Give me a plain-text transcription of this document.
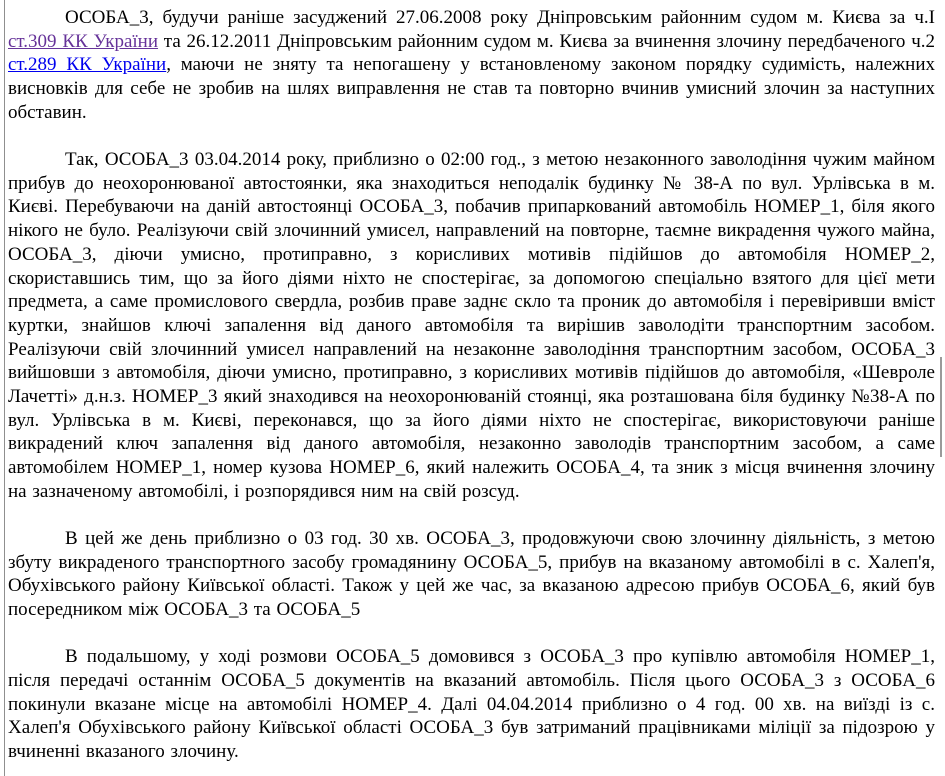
ОСОБА_3, будучи раніше засуджений 27.06.2008 року Дніпровським районним судом м. Києва за ч.І ст.309 КК України та 26.12.2011 Дніпровським районним судом м. Києва за вчинення злочину передбаченого ч.2 ст.289 КК України, маючи не зняту та непогашену у встановленому законом порядку судимість, належних висновків для себе не зробив на шлях виправлення не став та повторно вчинив умисний злочин за наступних обставин.

Так, ОСОБА_3 03.04.2014 року, приблизно о 02:00 год., з метою незаконного заволодіння чужим майном прибув до неохоронюваної автостоянки, яка знаходиться неподалік будинку № 38-А по вул. Урлівська в м. Києві. Перебуваючи на даній автостоянці ОСОБА_3, побачив припаркований автомобіль НОМЕР_1, біля якого нікого не було. Реалізуючи свій злочинний умисел, направлений на повторне, таємне викрадення чужого майна, ОСОБА_3, діючи умисно, протиправно, з корисливих мотивів підійшов до автомобіля НОМЕР_2, скориставшись тим, що за його діями ніхто не спостерігає, за допомогою спеціально взятого для цієї мети предмета, а саме промислового свердла, розбив праве заднє скло та проник до автомобіля і перевіривши вміст куртки, знайшов ключі запалення від даного автомобіля та вирішив заволодіти транспортним засобом. Реалізуючи свій злочинний умисел направлений на незаконне заволодіння транспортним засобом, ОСОБА_3 вийшовши з автомобіля, діючи умисно, протиправно, з корисливих мотивів підійшов до автомобіля, «Шевроле Лачетті» д.н.з. НОМЕР_3 який знаходився на неохоронюваній стоянці, яка розташована біля будинку №38-А по вул. Урлівська в м. Києві, переконався, що за його діями ніхто не спостерігає, використовуючи раніше викрадений ключ запалення від даного автомобіля, незаконно заволодів транспортним засобом, а саме автомобілем НОМЕР_1, номер кузова НОМЕР_6, який належить ОСОБА_4, та зник з місця вчинення злочину на зазначеному автомобілі, і розпорядився ним на свій розсуд.

В цей же день приблизно о 03 год. 30 хв. ОСОБА_3, продовжуючи свою злочинну діяльність, з метою збуту викраденого транспортного засобу громадянину ОСОБА_5, прибув на вказаному автомобілі в с. Халеп'я, Обухівського району Київської області. Також у цей же час, за вказаною адресою прибув ОСОБА_6, який був посередником між ОСОБА_3 та ОСОБА_5

В подальшому, у ході розмови ОСОБА_5 домовився з ОСОБА_3 про купівлю автомобіля НОМЕР_1, після передачі останнім ОСОБА_5 документів на вказаний автомобіль. Після цього ОСОБА_3 з ОСОБА_6 покинули вказане місце на автомобілі НОМЕР_4. Далі 04.04.2014 приблизно о 4 год. 00 хв. на виїзді із с. Халеп'я Обухівського району Київської області ОСОБА_3 був затриманий працівниками міліції за підозрою у вчиненні вказаного злочину.
